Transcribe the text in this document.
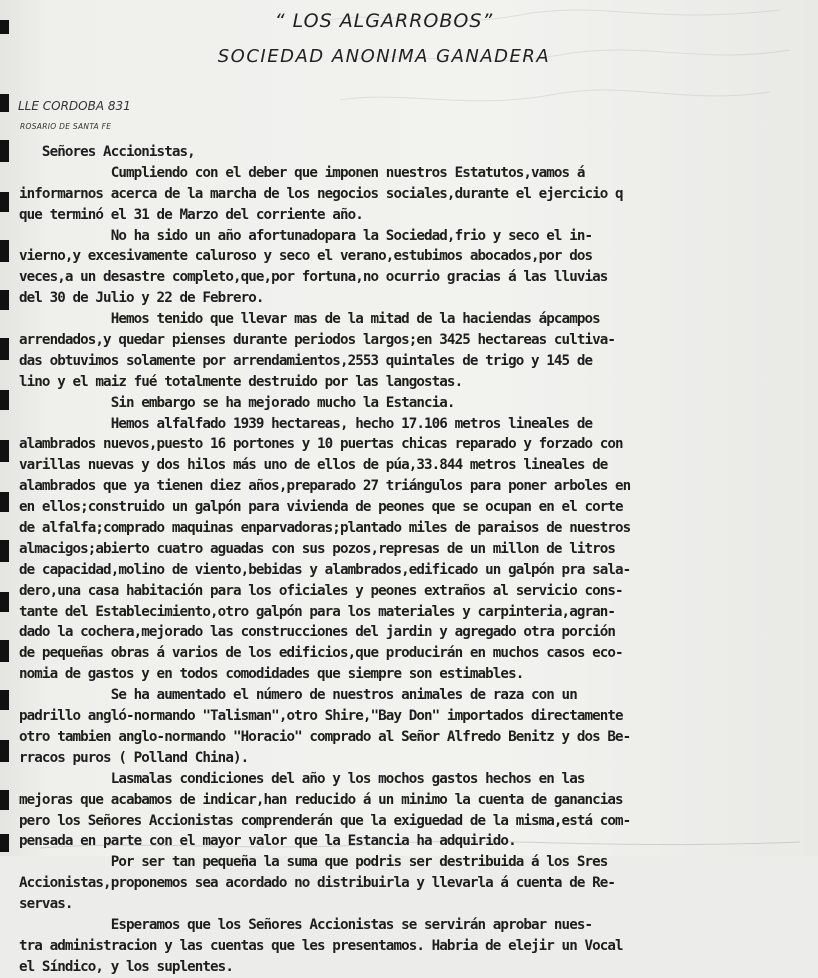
“ LOS ALGARROBOS”
SOCIEDAD ANONIMA GANADERA
LLE CORDOBA 831
ROSARIO DE SANTA FE
Señores Accionistas,
Cumpliendo con el deber que imponen nuestros Estatutos,vamos á
informarnos acerca de la marcha de los negocios sociales,durante el ejercicio q
que terminó el 31 de Marzo del corriente año.
No ha sido un año afortunadopara la Sociedad,frio y seco el in-
vierno,y excesivamente caluroso y seco el verano,estubimos abocados,por dos
veces,a un desastre completo,que,por fortuna,no ocurrio gracias á las lluvias
del 30 de Julio y 22 de Febrero.
Hemos tenido que llevar mas de la mitad de la haciendas ápcampos
arrendados,y quedar pienses durante periodos largos;en 3425 hectareas cultiva-
das obtuvimos solamente por arrendamientos,2553 quintales de trigo y 145 de
lino y el maiz fué totalmente destruido por las langostas.
Sin embargo se ha mejorado mucho la Estancia.
Hemos alfalfado 1939 hectareas, hecho 17.106 metros lineales de
alambrados nuevos,puesto 16 portones y 10 puertas chicas reparado y forzado con
varillas nuevas y dos hilos más uno de ellos de púa,33.844 metros lineales de
alambrados que ya tienen diez años,preparado 27 triángulos para poner arboles en
en ellos;construido un galpón para vivienda de peones que se ocupan en el corte
de alfalfa;comprado maquinas enparvadoras;plantado miles de paraisos de nuestros
almacigos;abierto cuatro aguadas con sus pozos,represas de un millon de litros
de capacidad,molino de viento,bebidas y alambrados,edificado un galpón pra sala-
dero,una casa habitación para los oficiales y peones extraños al servicio cons-
tante del Establecimiento,otro galpón para los materiales y carpinteria,agran-
dado la cochera,mejorado las construcciones del jardin y agregado otra porción
de pequeñas obras á varios de los edificios,que producirán en muchos casos eco-
nomia de gastos y en todos comodidades que siempre son estimables.
Se ha aumentado el número de nuestros animales de raza con un
padrillo angló-normando "Talisman",otro Shire,"Bay Don" importados directamente
otro tambien anglo-normando "Horacio" comprado al Señor Alfredo Benitz y dos Be-
rracos puros ( Polland China).
Lasmalas condiciones del año y los mochos gastos hechos en las
mejoras que acabamos de indicar,han reducido á un minimo la cuenta de ganancias
pero los Señores Accionistas comprenderán que la exiguedad de la misma,está com-
pensada en parte con el mayor valor que la Estancia ha adquirido.
Por ser tan pequeña la suma que podris ser destribuida á los Sres
Accionistas,proponemos sea acordado no distribuirla y llevarla á cuenta de Re-
servas.
Esperamos que los Señores Accionistas se servirán aprobar nues-
tra administracion y las cuentas que les presentamos. Habria de elejir un Vocal
el Síndico, y los suplentes.
